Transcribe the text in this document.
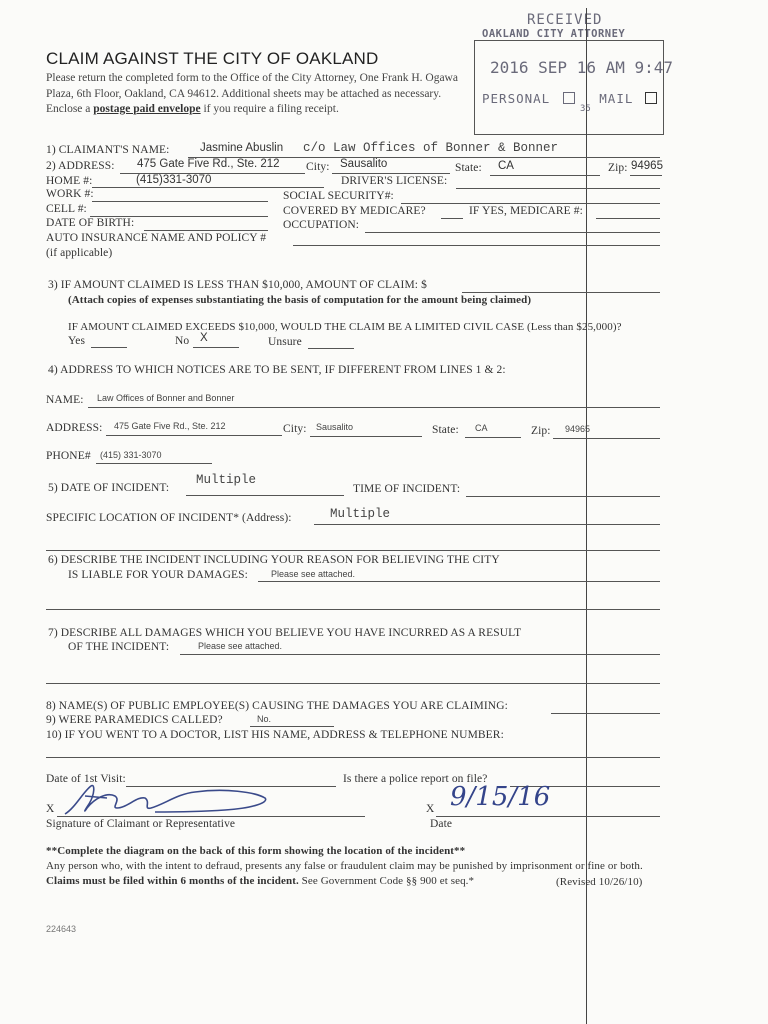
RECEIVED
OAKLAND CITY ATTORNEY
2016 SEP 16 AM 9:47
PERSONAL	MAIL
35
CLAIM AGAINST THE CITY OF OAKLAND
Please return the completed form to the Office of the City Attorney, One Frank H. Ogawa Plaza, 6th Floor, Oakland, CA 94612. Additional sheets may be attached as necessary. Enclose a postage paid envelope if you require a filing receipt.
1) CLAIMANT'S NAME:	Jasmine Abuslin c/o Law Offices of Bonner & Bonner
2) ADDRESS: 475 Gate Five Rd., Ste. 212 City: Sausalito	State: CA	Zip: 94965
HOME #:	(415)331-3070	DRIVER'S LICENSE:
WORK #:	SOCIAL SECURITY#:
CELL #:	COVERED BY MEDICARE?	IF YES, MEDICARE #:
DATE OF BIRTH:	OCCUPATION:
AUTO INSURANCE NAME AND POLICY #
(if applicable)
3) IF AMOUNT CLAIMED IS LESS THAN $10,000, AMOUNT OF CLAIM: $
(Attach copies of expenses substantiating the basis of computation for the amount being claimed)
IF AMOUNT CLAIMED EXCEEDS $10,000, WOULD THE CLAIM BE A LIMITED CIVIL CASE (Less than $25,000)?
Yes	No X	Unsure
4) ADDRESS TO WHICH NOTICES ARE TO BE SENT, IF DIFFERENT FROM LINES 1 & 2:
NAME: Law Offices of Bonner and Bonner
ADDRESS: 475 Gate Five Rd., Ste. 212	City: Sausalito	State: CA	Zip: 94965
PHONE# (415) 331-3070
5) DATE OF INCIDENT:
Multiple
TIME OF INCIDENT:
SPECIFIC LOCATION OF INCIDENT* (Address):	Multiple
6) DESCRIBE THE INCIDENT INCLUDING YOUR REASON FOR BELIEVING THE CITY
IS LIABLE FOR YOUR DAMAGES:	Please see attached.
7) DESCRIBE ALL DAMAGES WHICH YOU BELIEVE YOU HAVE INCURRED AS A RESULT
OF THE INCIDENT:	Please see attached.
8) NAME(S) OF PUBLIC EMPLOYEE(S) CAUSING THE DAMAGES YOU ARE CLAIMING:
9) WERE PARAMEDICS CALLED?	No.
10) IF YOU WENT TO A DOCTOR, LIST HIS NAME, ADDRESS & TELEPHONE NUMBER:
Date of 1st Visit:	Is there a police report on file?
X
Signature of Claimant or Representative
X 9/15/16
Date
**Complete the diagram on the back of this form showing the location of the incident**
Any person who, with the intent to defraud, presents any false or fraudulent claim may be punished by imprisonment or fine or both.
Claims must be filed within 6 months of the incident. See Government Code §§ 900 et seq.*	(Revised 10/26/10)
224643
